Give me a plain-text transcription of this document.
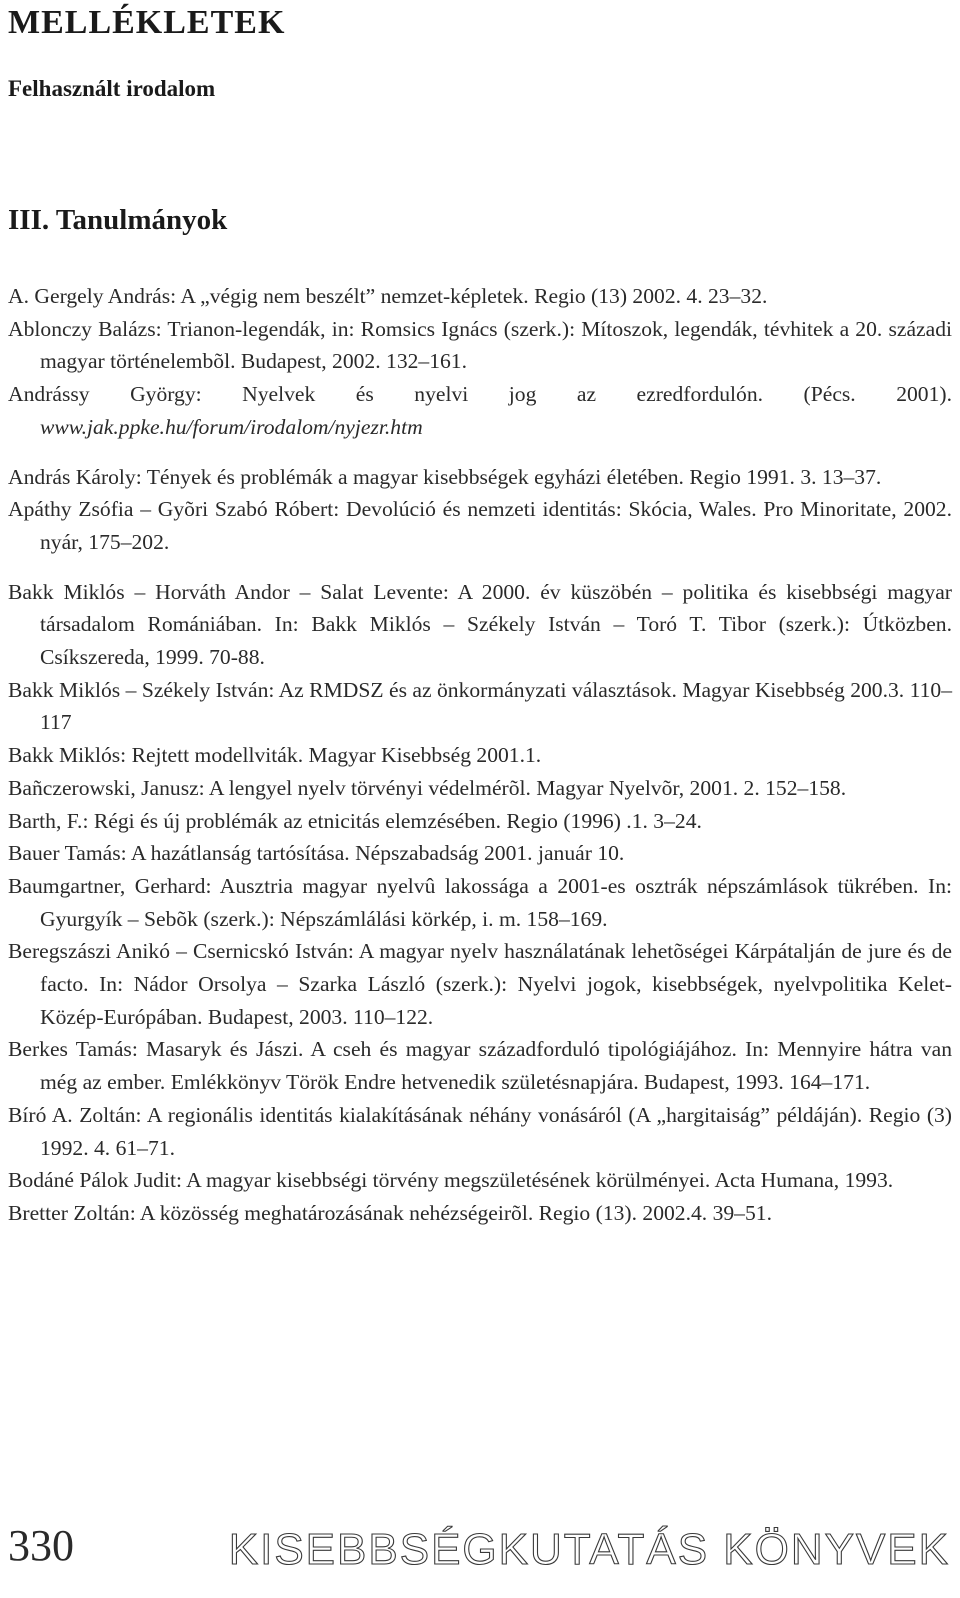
MELLÉKLETEK
Felhasznált irodalom
III. Tanulmányok
A. Gergely András: A „végig nem beszélt” nemzet-képletek. Regio (13) 2002. 4. 23–32.
Ablonczy Balázs: Trianon-legendák, in: Romsics Ignács (szerk.): Mítoszok, legendák, tévhitek a 20. századi magyar történelembõl. Budapest, 2002. 132–161.
Andrássy György: Nyelvek és nyelvi jog az ezredfordulón. (Pécs. 2001). www.jak.ppke.hu/forum/irodalom/nyjezr.htm
András Károly: Tények és problémák a magyar kisebbségek egyházi életében. Regio 1991. 3. 13–37.
Apáthy Zsófia – Gyõri Szabó Róbert: Devolúció és nemzeti identitás: Skócia, Wales. Pro Minoritate, 2002. nyár, 175–202.
Bakk Miklós – Horváth Andor – Salat Levente: A 2000. év küszöbén – politika és kisebbségi magyar társadalom Romániában. In: Bakk Miklós – Székely István – Toró T. Tibor (szerk.): Útközben. Csíkszereda, 1999. 70-88.
Bakk Miklós – Székely István: Az RMDSZ és az önkormányzati választások. Magyar Kisebbség 200.3. 110–117
Bakk Miklós: Rejtett modellviták. Magyar Kisebbség 2001.1.
Bañczerowski, Janusz: A lengyel nyelv törvényi védelmérõl. Magyar Nyelvõr, 2001. 2. 152–158.
Barth, F.: Régi és új problémák az etnicitás elemzésében. Regio (1996) .1. 3–24.
Bauer Tamás: A hazátlanság tartósítása. Népszabadság 2001. január 10.
Baumgartner, Gerhard: Ausztria magyar nyelvû lakossága a 2001-es osztrák népszámlások tükrében. In: Gyurgyík – Sebõk (szerk.): Népszámlálási körkép, i. m. 158–169.
Beregszászi Anikó – Csernicskó István: A magyar nyelv használatának lehetõségei Kárpátalján de jure és de facto. In: Nádor Orsolya – Szarka László (szerk.): Nyelvi jogok, kisebbségek, nyelvpolitika Kelet-Közép-Európában. Budapest, 2003. 110–122.
Berkes Tamás: Masaryk és Jászi. A cseh és magyar századforduló tipológiájához. In: Mennyire hátra van még az ember. Emlékkönyv Török Endre hetvenedik születésnapjára. Budapest, 1993. 164–171.
Bíró A. Zoltán: A regionális identitás kialakításának néhány vonásáról (A „hargitaiság” példáján). Regio (3) 1992. 4. 61–71.
Bodáné Pálok Judit: A magyar kisebbségi törvény megszületésének körülményei. Acta Humana, 1993.
Bretter Zoltán: A közösség meghatározásának nehézségeirõl. Regio (13). 2002.4. 39–51.
330	KISEBBSÉGKUTATÁS KÖNYVEK
